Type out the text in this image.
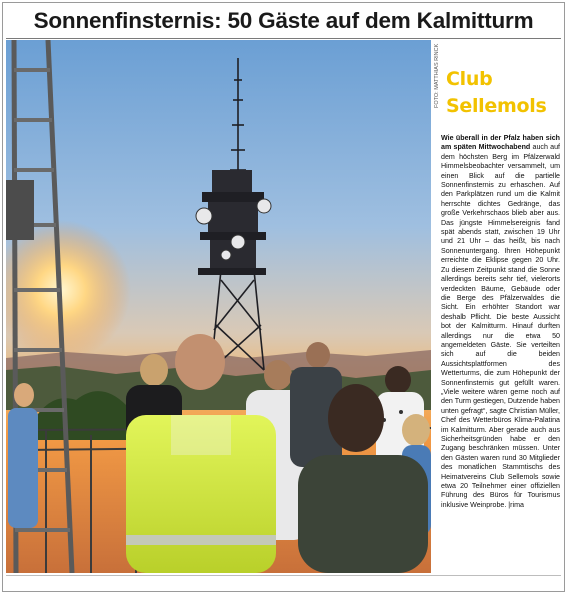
Sonnenfinsternis: 50 Gäste auf dem Kalmitturm
FOTO: MATTHIAS RINCK Club
Sellemols
Wie überall in der Pfalz haben sich am späten Mittwochabend auch auf dem höchsten Berg im Pfälzerwald Himmelsbeobachter versammelt, um einen Blick auf die partielle Sonnenfinsternis zu erhaschen. Auf den Parkplätzen rund um die Kalmit herrschte dichtes Gedränge, das große Verkehrschaos blieb aber aus. Das jüngste Himmelsereignis fand spät abends statt, zwischen 19 Uhr und 21 Uhr – das heißt, bis nach Sonnenuntergang. Ihren Höhepunkt erreichte die Eklipse gegen 20 Uhr. Zu diesem Zeitpunkt stand die Sonne allerdings bereits sehr tief, vielerorts verdeckten Bäume, Gebäude oder die Berge des Pfälzerwaldes die Sicht. Ein erhöhter Standort war deshalb Pflicht. Die beste Aussicht bot der Kalmitturm. Hinauf durften allerdings nur die etwa 50 angemeldeten Gäste. Sie verteilten sich auf die beiden Aussichtsplattformen des Wetterturms, die zum Höhepunkt der Sonnenfinsternis gut gefüllt waren. „Viele weitere wären gerne noch auf den Turm gestiegen, Dutzende haben unten gefragt“, sagte Christian Müller, Chef des Wetterbüros Klima-Palatina im Kalmitturm. Aber gerade auch aus Sicherheitsgründen habe er den Zugang beschränken müssen. Unter den Gästen waren rund 30 Mitglieder des monatlichen Stammtischs des Heimatvereins Club Sellemols sowie etwa 20 Teilnehmer einer offiziellen Führung des Büros für Tourismus inklusive Weinprobe. |rima
